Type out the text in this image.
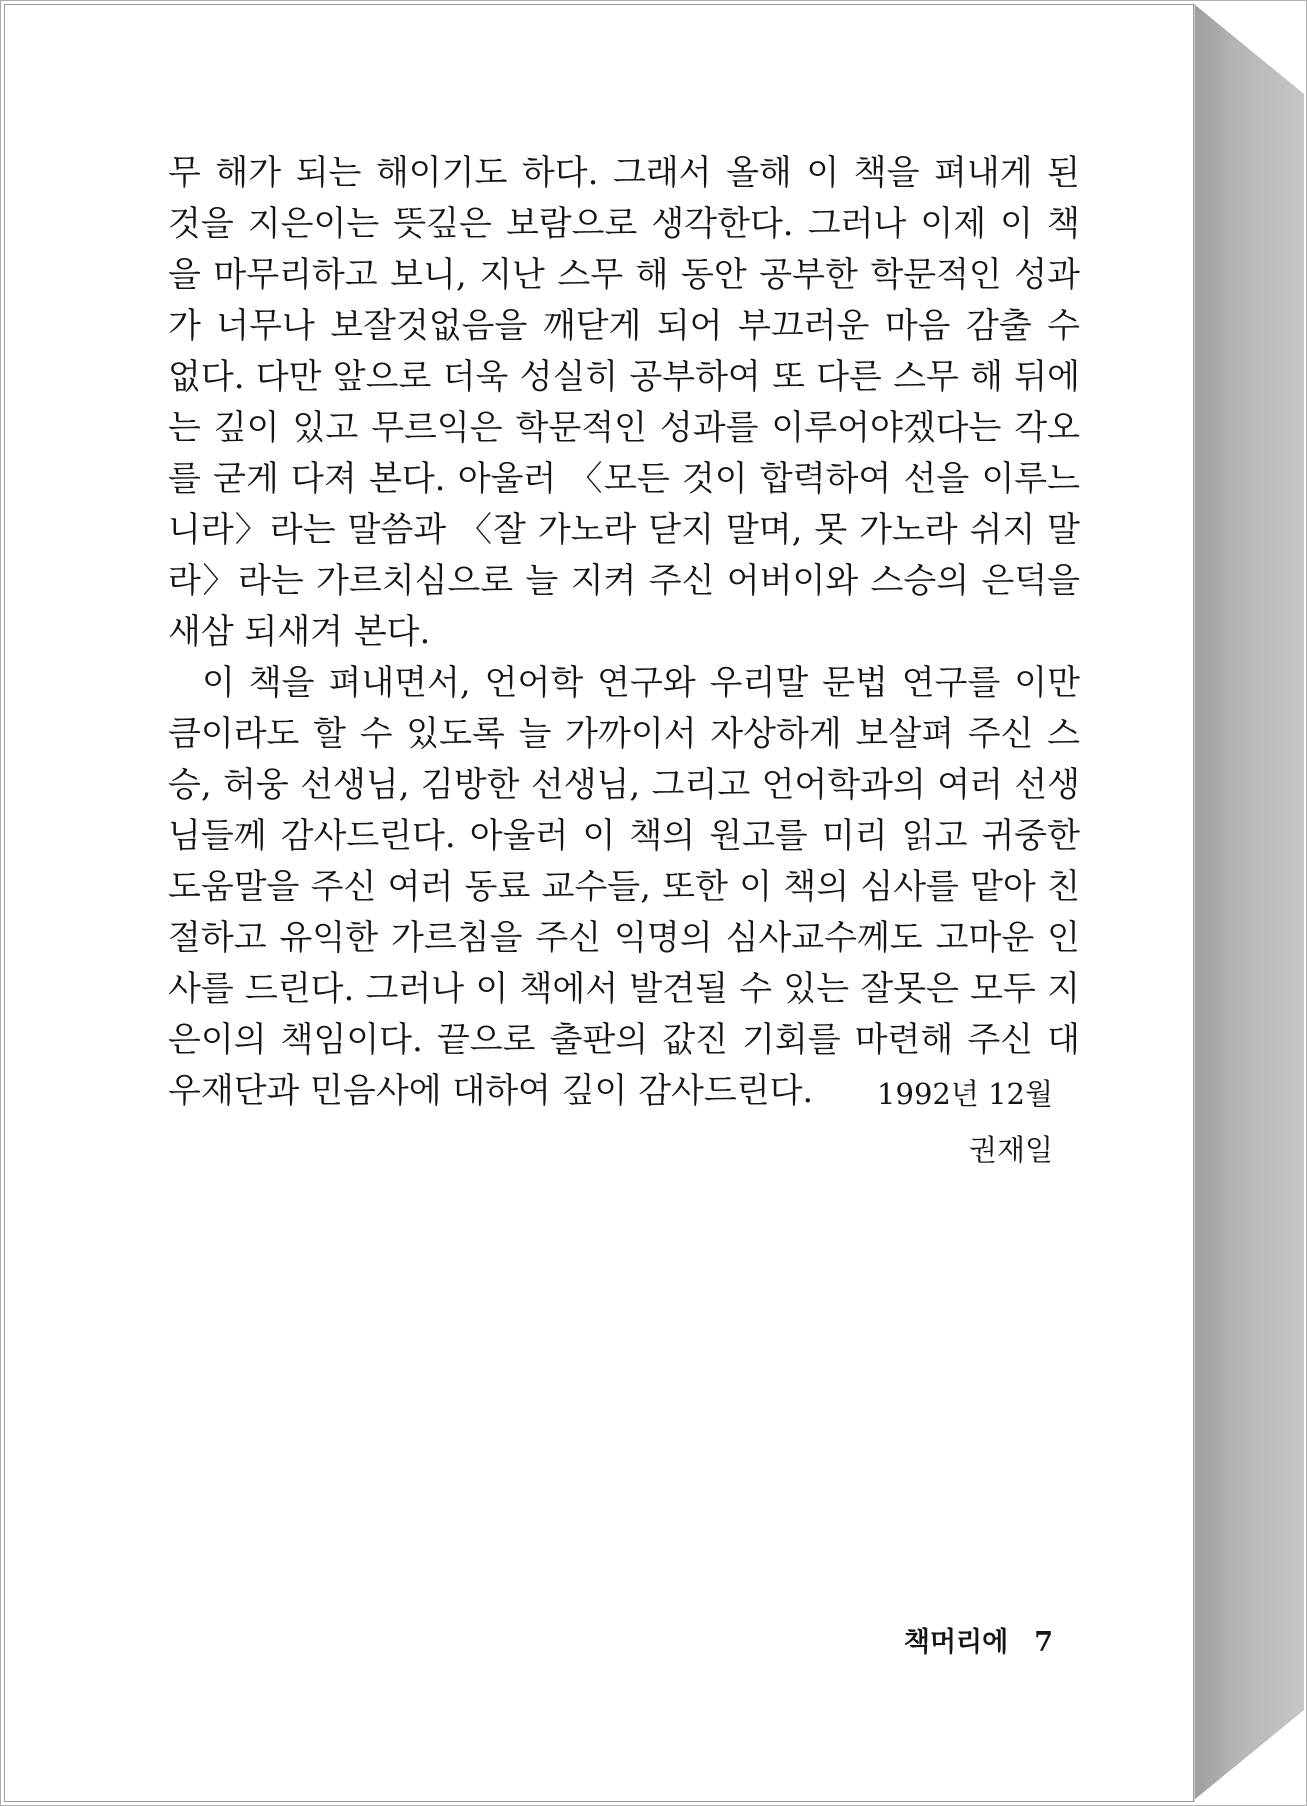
무 해가 되는 해이기도 하다. 그래서 올해 이 책을 펴내게 된 것을 지은이는 뜻깊은 보람으로 생각한다. 그러나 이제 이 책을 마무리하고 보니, 지난 스무 해 동안 공부한 학문적인 성과가 너무나 보잘것없음을 깨닫게 되어 부끄러운 마음 감출 수 없다. 다만 앞으로 더욱 성실히 공부하여 또 다른 스무 해 뒤에는 깊이 있고 무르익은 학문적인 성과를 이루어야겠다는 각오를 굳게 다져 본다. 아울러 〈모든 것이 합력하여 선을 이루느니라〉라는 말씀과 〈잘 가노라 닫지 말며, 못 가노라 쉬지 말라〉라는 가르치심으로 늘 지켜 주신 어버이와 스승의 은덕을 새삼 되새겨 본다.

이 책을 펴내면서, 언어학 연구와 우리말 문법 연구를 이만큼이라도 할 수 있도록 늘 가까이서 자상하게 보살펴 주신 스승, 허웅 선생님, 김방한 선생님, 그리고 언어학과의 여러 선생님들께 감사드린다. 아울러 이 책의 원고를 미리 읽고 귀중한 도움말을 주신 여러 동료 교수들, 또한 이 책의 심사를 맡아 친절하고 유익한 가르침을 주신 익명의 심사교수께도 고마운 인사를 드린다. 그러나 이 책에서 발견될 수 있는 잘못은 모두 지은이의 책임이다. 끝으로 출판의 값진 기회를 마련해 주신 대우재단과 민음사에 대하여 깊이 감사드린다.	1992년 12월
권재일
책머리에 7
